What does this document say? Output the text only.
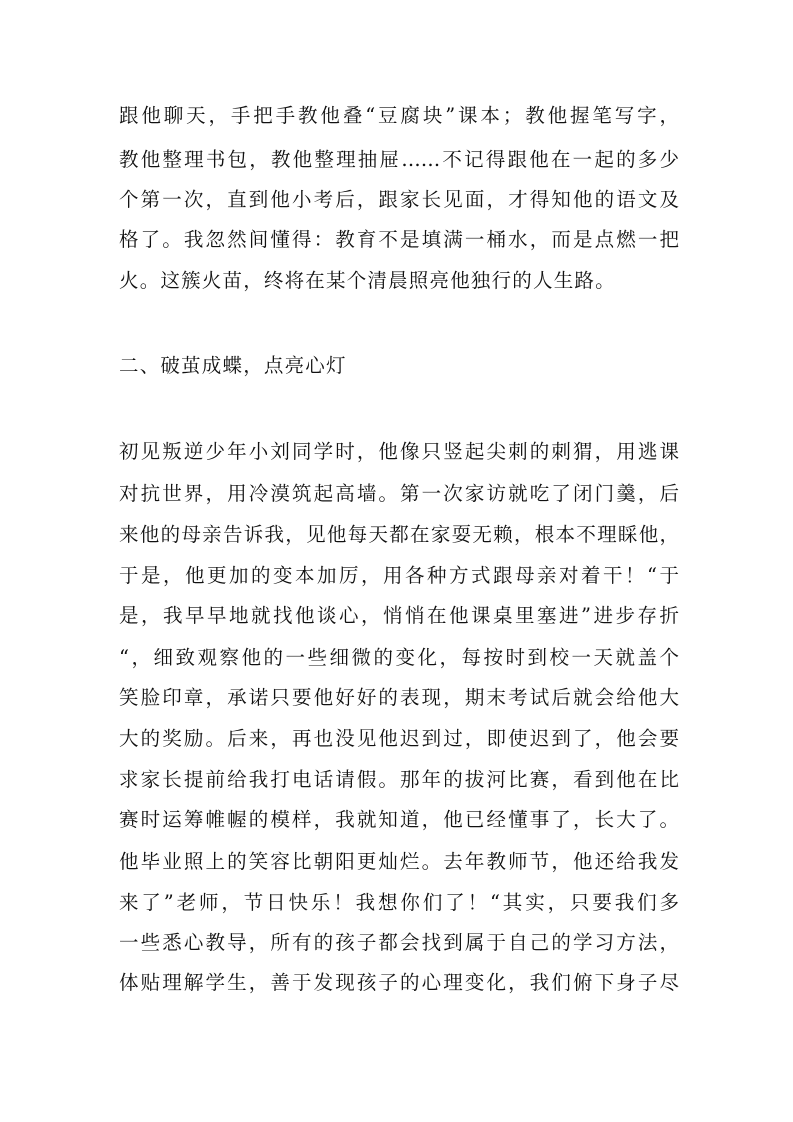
跟他聊天，手把手教他叠“豆腐块”课本；教他握笔写字，
教他整理书包，教他整理抽屉……不记得跟他在一起的多少
个第一次，直到他小考后，跟家长见面，才得知他的语文及
格了。我忽然间懂得：教育不是填满一桶水，而是点燃一把
火。这簇火苗，终将在某个清晨照亮他独行的人生路。
二、破茧成蝶，点亮心灯
初见叛逆少年小刘同学时，他像只竖起尖刺的刺猬，用逃课
对抗世界，用冷漠筑起高墙。第一次家访就吃了闭门羹，后
来他的母亲告诉我，见他每天都在家耍无赖，根本不理睬他，
于是，他更加的变本加厉，用各种方式跟母亲对着干！“于
是，我早早地就找他谈心，悄悄在他课桌里塞进”进步存折
“，细致观察他的一些细微的变化，每按时到校一天就盖个
笑脸印章，承诺只要他好好的表现，期末考试后就会给他大
大的奖励。后来，再也没见他迟到过，即使迟到了，他会要
求家长提前给我打电话请假。那年的拔河比赛，看到他在比
赛时运筹帷幄的模样，我就知道，他已经懂事了，长大了。
他毕业照上的笑容比朝阳更灿烂。去年教师节，他还给我发
来了”老师，节日快乐！我想你们了！“其实，只要我们多
一些悉心教导，所有的孩子都会找到属于自己的学习方法，
体贴理解学生，善于发现孩子的心理变化，我们俯下身子尽
